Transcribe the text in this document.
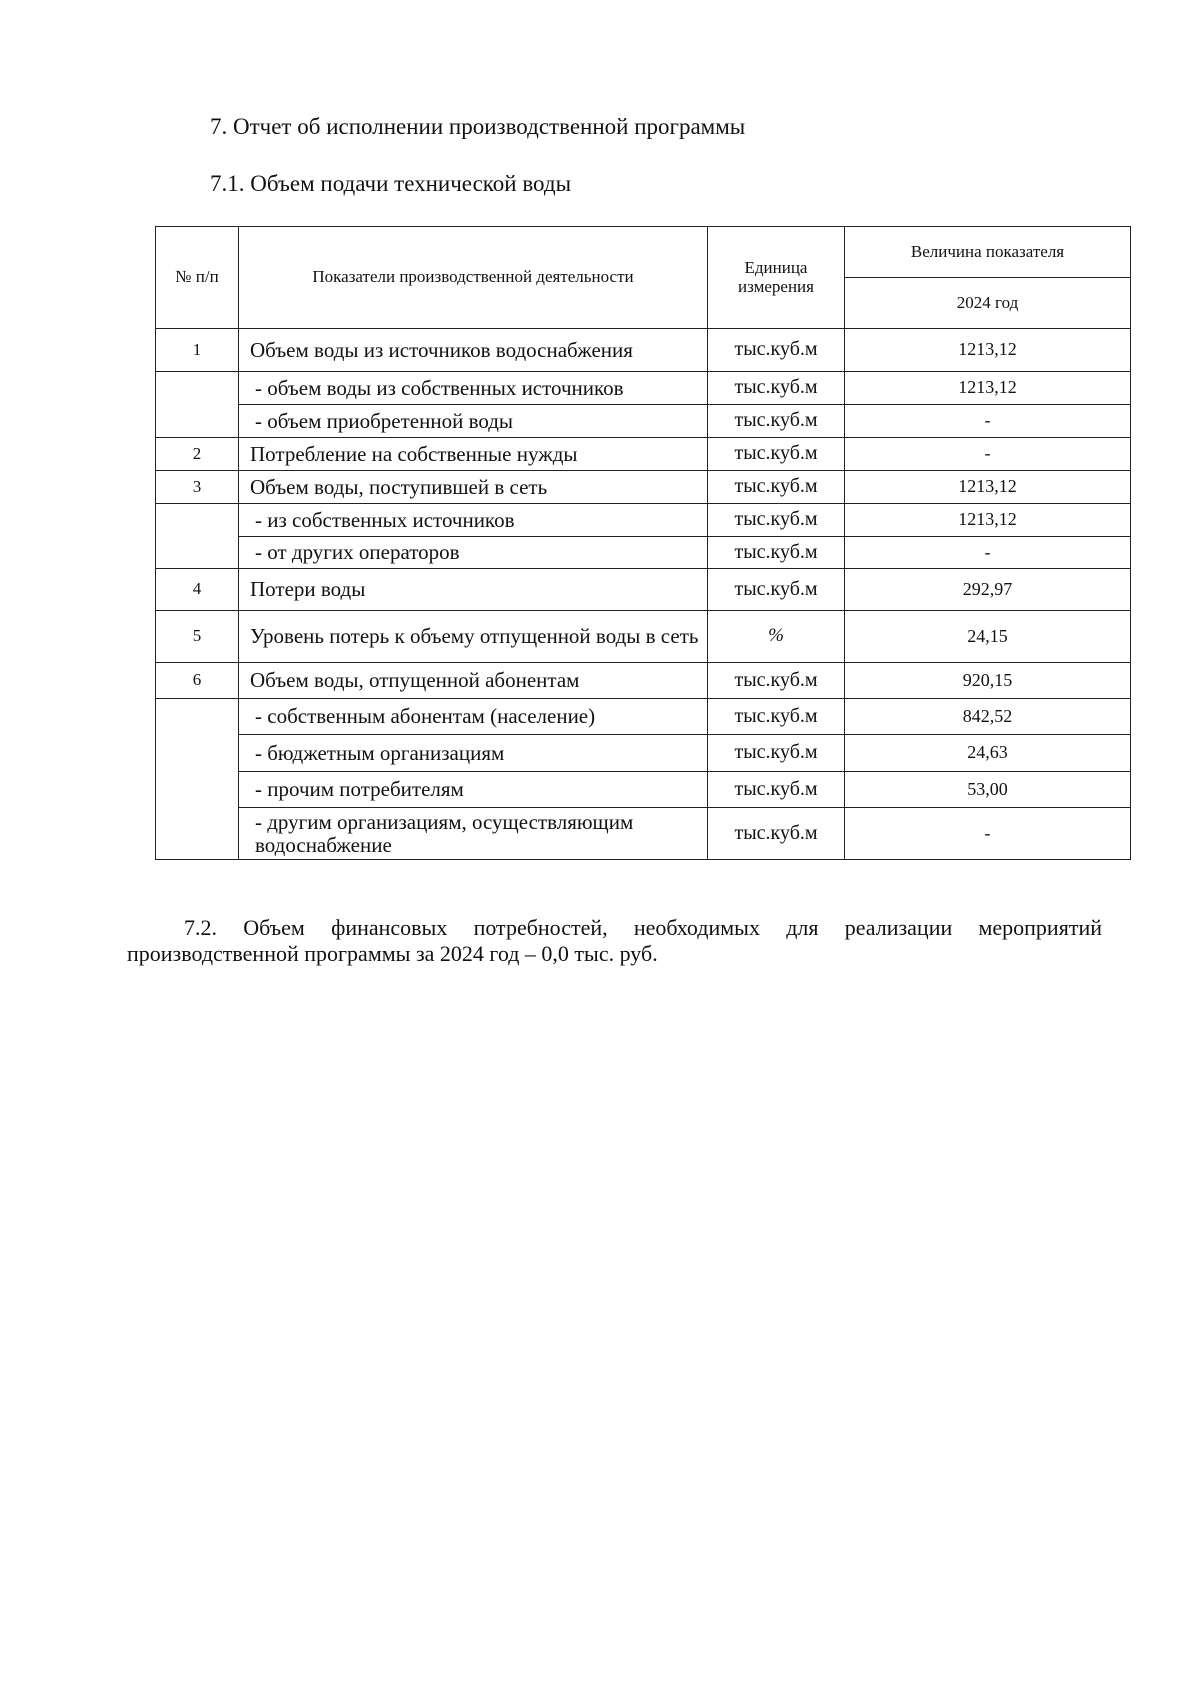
7. Отчет об исполнении производственной программы
7.1. Объем подачи технической воды
№ п/п	Показатели производственной деятельности	Единица измерения	Величина показателя
			2024 год
1	Объем воды из источников водоснабжения	тыс.куб.м	1213,12
	- объем воды из собственных источников	тыс.куб.м	1213,12
	- объем приобретенной воды	тыс.куб.м	-
2	Потребление на собственные нужды	тыс.куб.м	-
3	Объем воды, поступившей в сеть	тыс.куб.м	1213,12
	- из собственных источников	тыс.куб.м	1213,12
	- от других операторов	тыс.куб.м	-
4	Потери воды	тыс.куб.м	292,97
5	Уровень потерь к объему отпущенной воды в сеть	%	24,15
6	Объем воды, отпущенной абонентам	тыс.куб.м	920,15
	- собственным абонентам (население)	тыс.куб.м	842,52
	- бюджетным организациям	тыс.куб.м	24,63
	- прочим потребителям	тыс.куб.м	53,00
	- другим организациям, осуществляющим водоснабжение	тыс.куб.м	-
7.2. Объем финансовых потребностей, необходимых для реализации мероприятий производственной программы за 2024 год – 0,0 тыс. руб.
